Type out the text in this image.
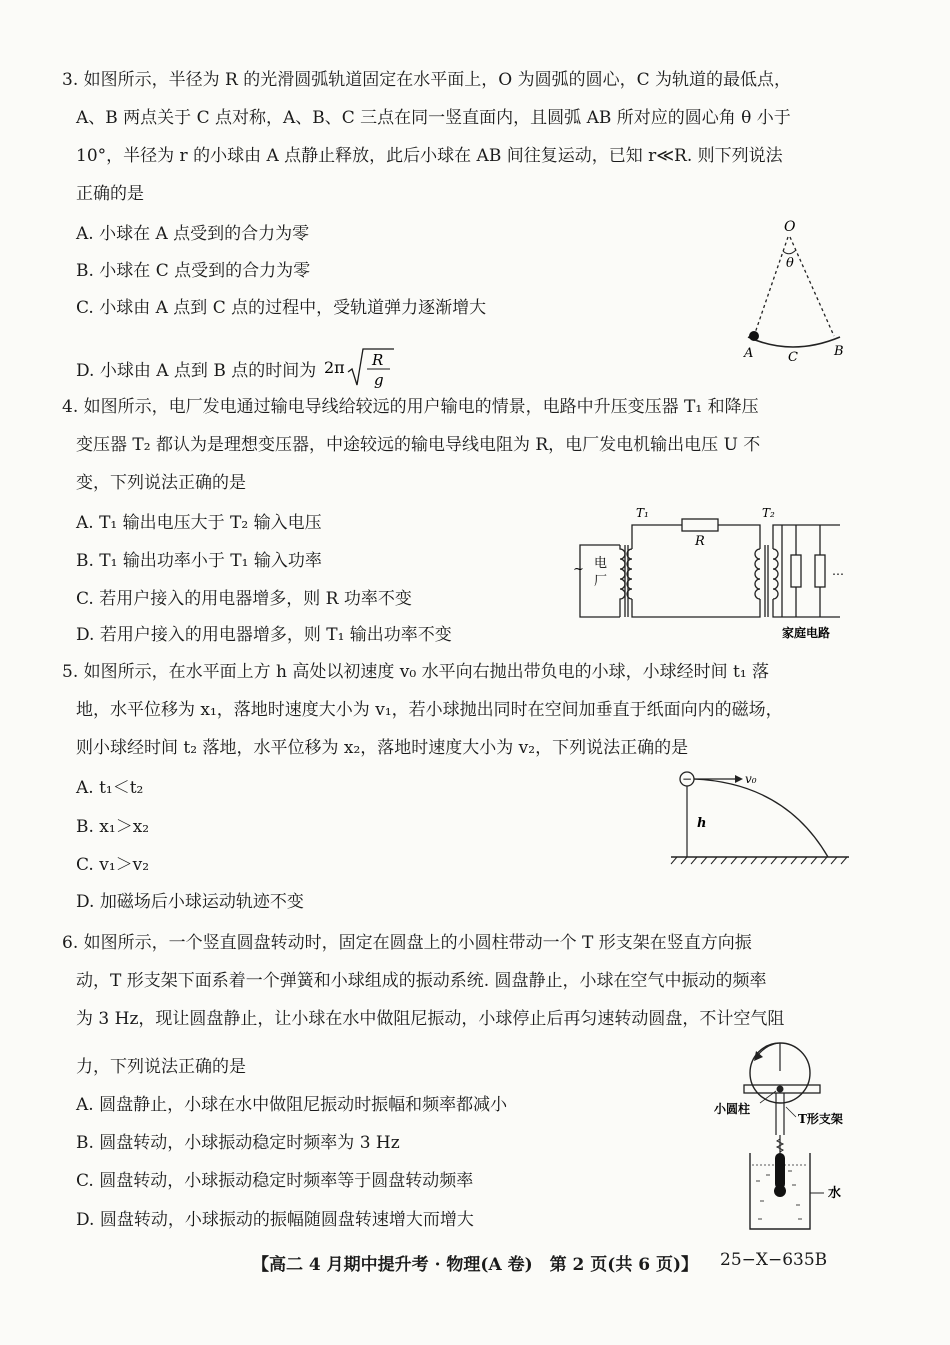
3. 如图所示，半径为 R 的光滑圆弧轨道固定在水平面上，O 为圆弧的圆心，C 为轨道的最低点，
A、B 两点关于 C 点对称，A、B、C 三点在同一竖直面内，且圆弧 AB 所对应的圆心角 θ 小于
10°，半径为 r 的小球由 A 点静止释放，此后小球在 AB 间往复运动，已知 r≪R. 则下列说法
正确的是
A. 小球在 A 点受到的合力为零
B. 小球在 C 点受到的合力为零
C. 小球由 A 点到 C 点的过程中，受轨道弹力逐渐增大
D. 小球由 A 点到 B 点的时间为 2π R
g
O
θ
A	C	B
4. 如图所示，电厂发电通过输电导线给较远的用户输电的情景，电路中升压变压器 T₁ 和降压
变压器 T₂ 都认为是理想变压器，中途较远的输电导线电阻为 R，电厂发电机输出电压 U 不
变，下列说法正确的是
A. T₁ 输出电压大于 T₂ 输入电压
B. T₁ 输出功率小于 T₁ 输入功率
C. 若用户接入的用电器增多，则 R 功率不变
D. 若用户接入的用电器增多，则 T₁ 输出功率不变
T₁	T₂
R
~ 电
厂
…
家庭电路
5. 如图所示，在水平面上方 h 高处以初速度 v₀ 水平向右抛出带负电的小球，小球经时间 t₁ 落
地，水平位移为 x₁，落地时速度大小为 v₁，若小球抛出同时在空间加垂直于纸面向内的磁场，
则小球经时间 t₂ 落地，水平位移为 x₂，落地时速度大小为 v₂，下列说法正确的是
A. t₁＜t₂
B. x₁＞x₂
C. v₁＞v₂
D. 加磁场后小球运动轨迹不变
−	v₀
h
6. 如图所示，一个竖直圆盘转动时，固定在圆盘上的小圆柱带动一个 T 形支架在竖直方向振
动，T 形支架下面系着一个弹簧和小球组成的振动系统. 圆盘静止，小球在空气中振动的频率
为 3 Hz，现让圆盘静止，让小球在水中做阻尼振动，小球停止后再匀速转动圆盘，不计空气阻
力，下列说法正确的是
A. 圆盘静止，小球在水中做阻尼振动时振幅和频率都减小
B. 圆盘转动，小球振动稳定时频率为 3 Hz
C. 圆盘转动，小球振动稳定时频率等于圆盘转动频率
D. 圆盘转动，小球振动的振幅随圆盘转速增大而增大
小圆柱
T形支架
水
【高二 4 月期中提升考 · 物理(A 卷)　第 2 页(共 6 页)】 25−X−635B
